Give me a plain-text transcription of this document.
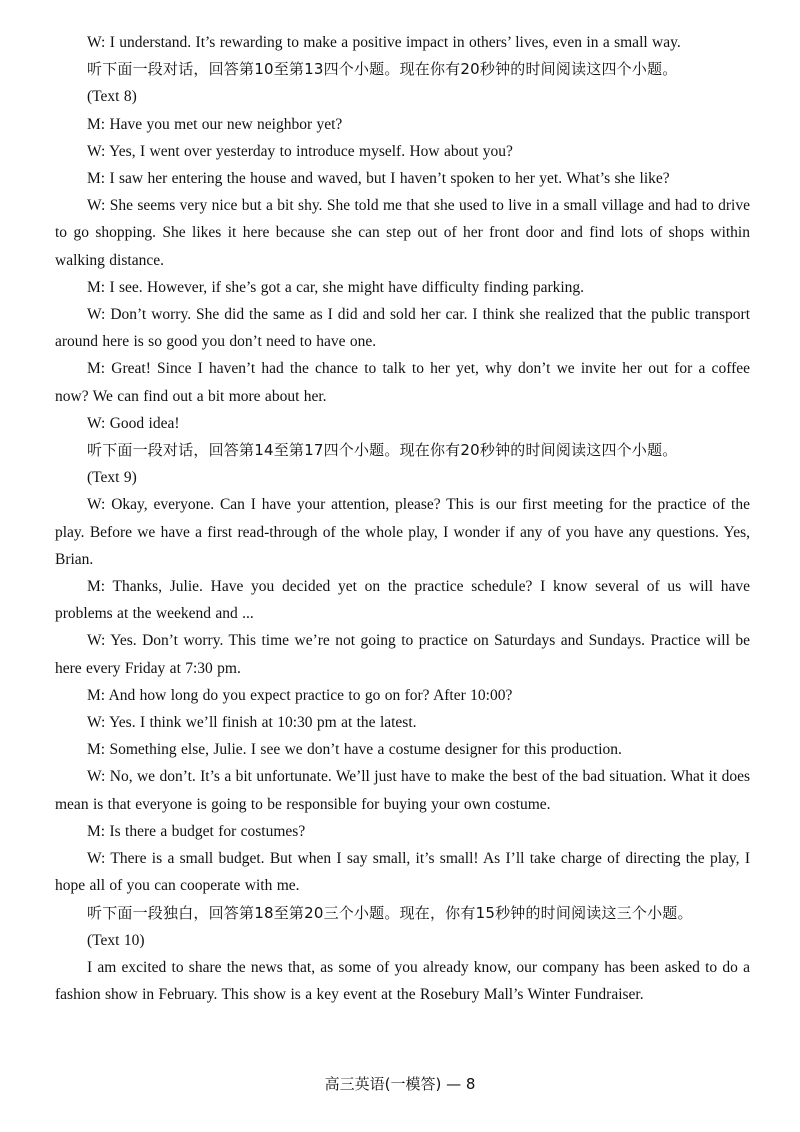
W: I understand. It’s rewarding to make a positive impact in others’ lives, even in a small way.

听下面一段对话，回答第10至第13四个小题。现在你有20秒钟的时间阅读这四个小题。

(Text 8)

M: Have you met our new neighbor yet?

W: Yes, I went over yesterday to introduce myself. How about you?

M: I saw her entering the house and waved, but I haven’t spoken to her yet. What’s she like?

W: She seems very nice but a bit shy. She told me that she used to live in a small village and had to drive to go shopping. She likes it here because she can step out of her front door and find lots of shops within walking distance.

M: I see. However, if she’s got a car, she might have difficulty finding parking.

W: Don’t worry. She did the same as I did and sold her car. I think she realized that the public transport around here is so good you don’t need to have one.

M: Great! Since I haven’t had the chance to talk to her yet, why don’t we invite her out for a coffee now? We can find out a bit more about her.

W: Good idea!

听下面一段对话，回答第14至第17四个小题。现在你有20秒钟的时间阅读这四个小题。

(Text 9)

W: Okay, everyone. Can I have your attention, please? This is our first meeting for the practice of the play. Before we have a first read-through of the whole play, I wonder if any of you have any questions. Yes, Brian.

M: Thanks, Julie. Have you decided yet on the practice schedule? I know several of us will have problems at the weekend and ...

W: Yes. Don’t worry. This time we’re not going to practice on Saturdays and Sundays. Practice will be here every Friday at 7:30 pm.

M: And how long do you expect practice to go on for? After 10:00?

W: Yes. I think we’ll finish at 10:30 pm at the latest.

M: Something else, Julie. I see we don’t have a costume designer for this production.

W: No, we don’t. It’s a bit unfortunate. We’ll just have to make the best of the bad situation. What it does mean is that everyone is going to be responsible for buying your own costume.

M: Is there a budget for costumes?

W: There is a small budget. But when I say small, it’s small! As I’ll take charge of directing the play, I hope all of you can cooperate with me.

听下面一段独白，回答第18至第20三个小题。现在，你有15秒钟的时间阅读这三个小题。

(Text 10)

I am excited to share the news that, as some of you already know, our company has been asked to do a fashion show in February. This show is a key event at the Rosebury Mall’s Winter Fundraiser.

高三英语(一模答) — 8
